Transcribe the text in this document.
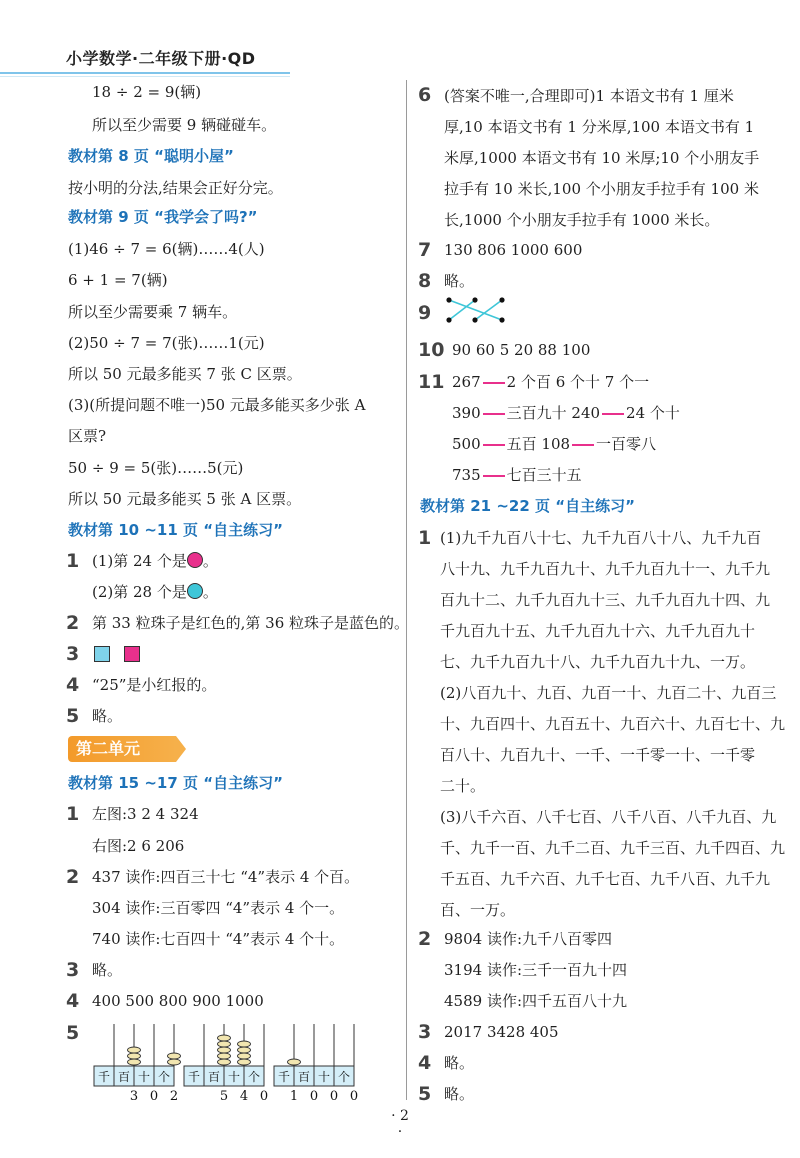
小学数学·二年级下册·QD
18 ÷ 2 = 9(辆)
所以至少需要 9 辆碰碰车。
教材第 8 页 “聪明小屋”
按小明的分法,结果会正好分完。
教材第 9 页 “我学会了吗?”
(1)46 ÷ 7 = 6(辆)……4(人)
6 + 1 = 7(辆)
所以至少需要乘 7 辆车。
(2)50 ÷ 7 = 7(张)……1(元)
所以 50 元最多能买 7 张 C 区票。
(3)(所提问题不唯一)50 元最多能买多少张 A
区票?
50 ÷ 9 = 5(张)……5(元)
所以 50 元最多能买 5 张 A 区票。
教材第 10 ~11 页 “自主练习”
1 (1)第 24 个是 。
(2)第 28 个是 。
2 第 33 粒珠子是红色的,第 36 粒珠子是蓝色的。
3
4 “25”是小红报的。
5 略。
第二单元
教材第 15 ~17 页 “自主练习”
1 左图:3 2 4 324
右图:2 6 206
2 437 读作:四百三十七 “4”表示 4 个百。
304 读作:三百零四 “4”表示 4 个一。
740 读作:七百四十 “4”表示 4 个十。
3 略。
4 400 500 800 900 1000
5
千 百 十 个
3 0 2
千 百 十 个
5 4 0
千 百 十 个
1 0 0 0
6 (答案不唯一,合理即可)1 本语文书有 1 厘米
厚,10 本语文书有 1 分米厚,100 本语文书有 1
米厚,1000 本语文书有 10 米厚;10 个小朋友手
拉手有 10 米长,100 个小朋友手拉手有 100 米
长,1000 个小朋友手拉手有 1000 米长。
7 130 806 1000 600
8 略。
9
10 90 60 5 20 88 100
11 267 2 个百 6 个十 7 个一
390 三百九十 240 24 个十
500 五百 108 一百零八
735 七百三十五
教材第 21 ~22 页 “自主练习”
1 (1)九千九百八十七、九千九百八十八、九千九百
八十九、九千九百九十、九千九百九十一、九千九
百九十二、九千九百九十三、九千九百九十四、九
千九百九十五、九千九百九十六、九千九百九十
七、九千九百九十八、九千九百九十九、一万。
(2)八百九十、九百、九百一十、九百二十、九百三
十、九百四十、九百五十、九百六十、九百七十、九
百八十、九百九十、一千、一千零一十、一千零
二十。
(3)八千六百、八千七百、八千八百、八千九百、九
千、九千一百、九千二百、九千三百、九千四百、九
千五百、九千六百、九千七百、九千八百、九千九
百、一万。
2 9804 读作:九千八百零四
3194 读作:三千一百九十四
4589 读作:四千五百八十九
3 2017 3428 405
4 略。
5 略。
· 2 ·
